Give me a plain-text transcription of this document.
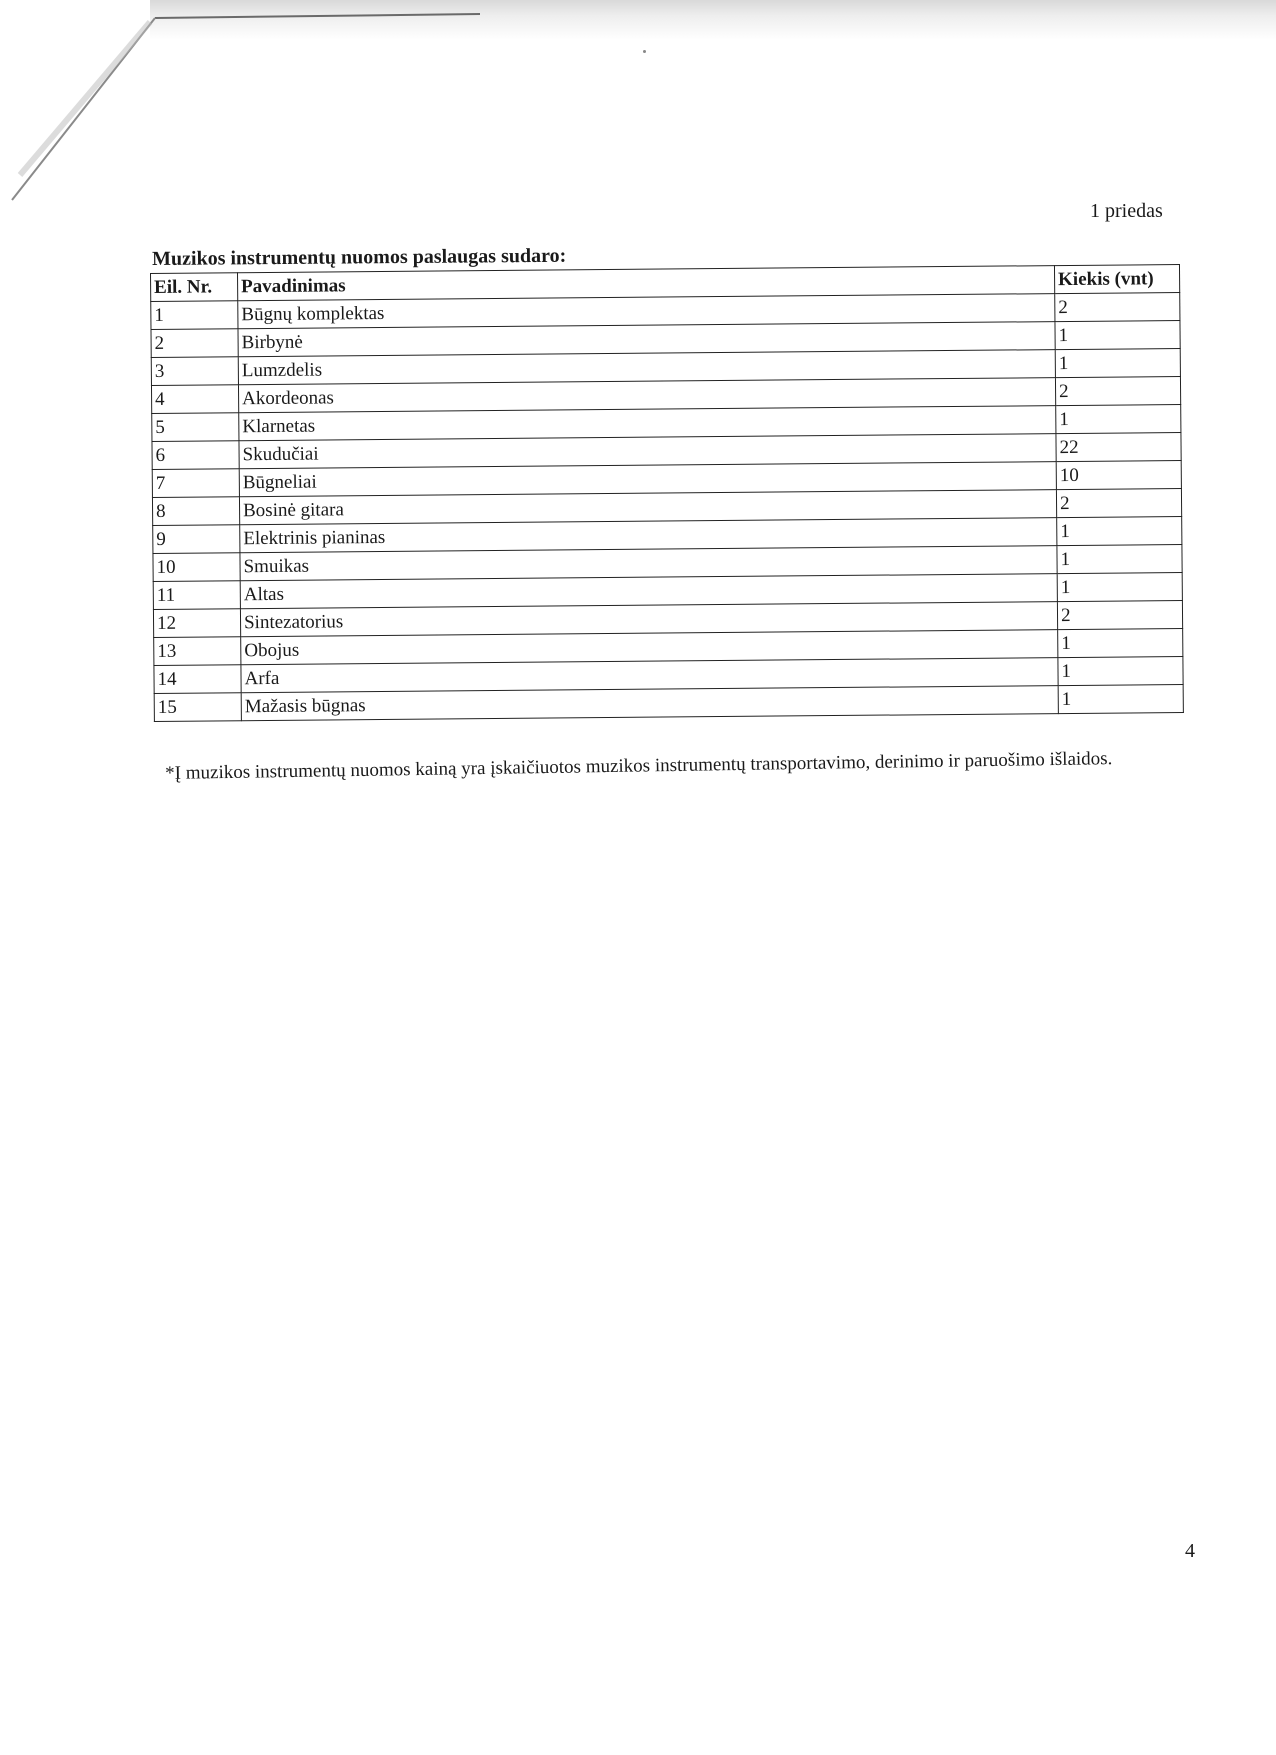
1 priedas
Muzikos instrumentų nuomos paslaugas sudaro:
Eil. Nr.	Pavadinimas	Kiekis (vnt)
1	Būgnų komplektas	2
2	Birbynė	1
3	Lumzdelis	1
4	Akordeonas	2
5	Klarnetas	1
6	Skudučiai	22
7	Būgneliai	10
8	Bosinė gitara	2
9	Elektrinis pianinas	1
10	Smuikas	1
11	Altas	1
12	Sintezatorius	2
13	Obojus	1
14	Arfa	1
15	Mažasis būgnas	1
*Į muzikos instrumentų nuomos kainą yra įskaičiuotos muzikos instrumentų transportavimo, derinimo ir paruošimo išlaidos.
4
